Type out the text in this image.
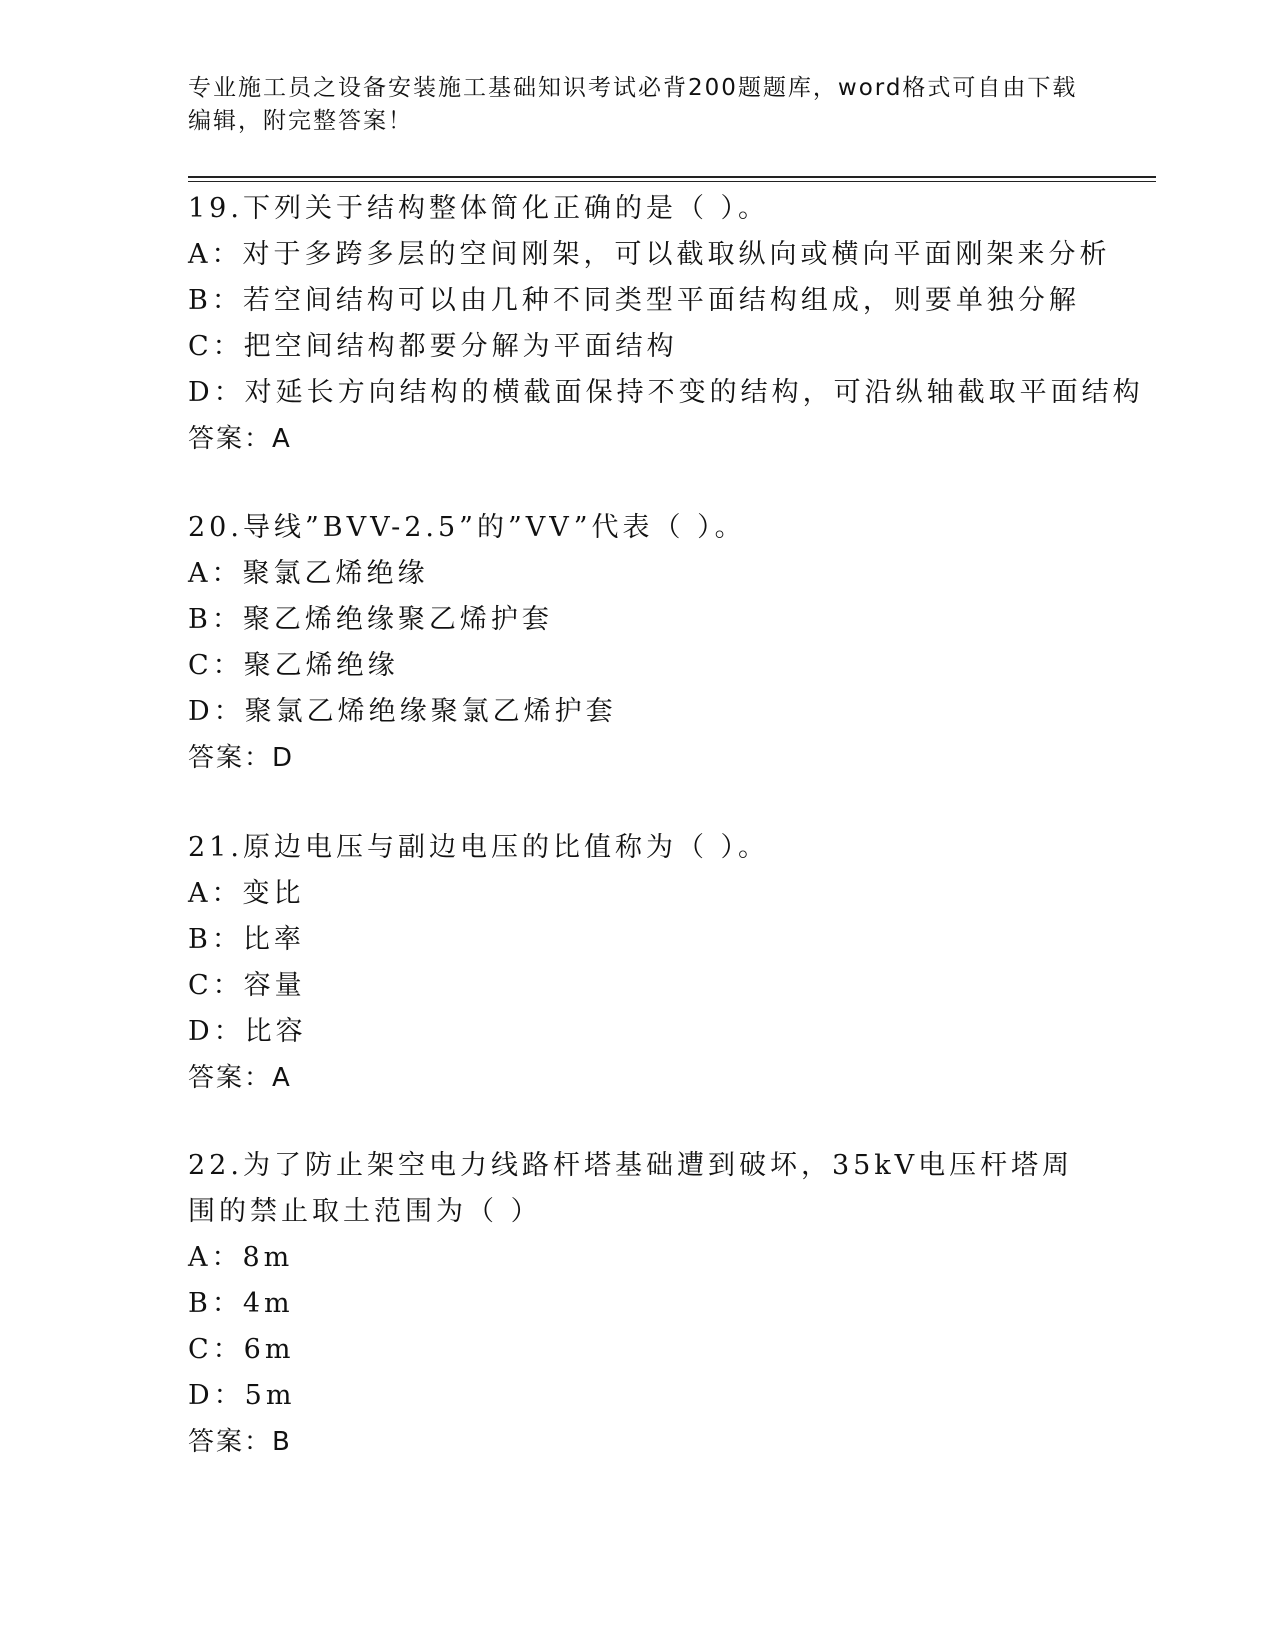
专业施工员之设备安装施工基础知识考试必背200题题库，word格式可自由下载编辑，附完整答案！
19.下列关于结构整体简化正确的是（ ）。
A：对于多跨多层的空间刚架，可以截取纵向或横向平面刚架来分析
B：若空间结构可以由几种不同类型平面结构组成，则要单独分解
C：把空间结构都要分解为平面结构
D：对延长方向结构的横截面保持不变的结构，可沿纵轴截取平面结构
答案：A
20.导线”BVV-2.5”的”VV”代表（ ）。
A：聚氯乙烯绝缘
B：聚乙烯绝缘聚乙烯护套
C：聚乙烯绝缘
D：聚氯乙烯绝缘聚氯乙烯护套
答案：D
21.原边电压与副边电压的比值称为（ ）。
A：变比
B：比率
C：容量
D：比容
答案：A
22.为了防止架空电力线路杆塔基础遭到破坏，35kV电压杆塔周围的禁止取土范围为（ ）
A：8m
B：4m
C：6m
D：5m
答案：B
